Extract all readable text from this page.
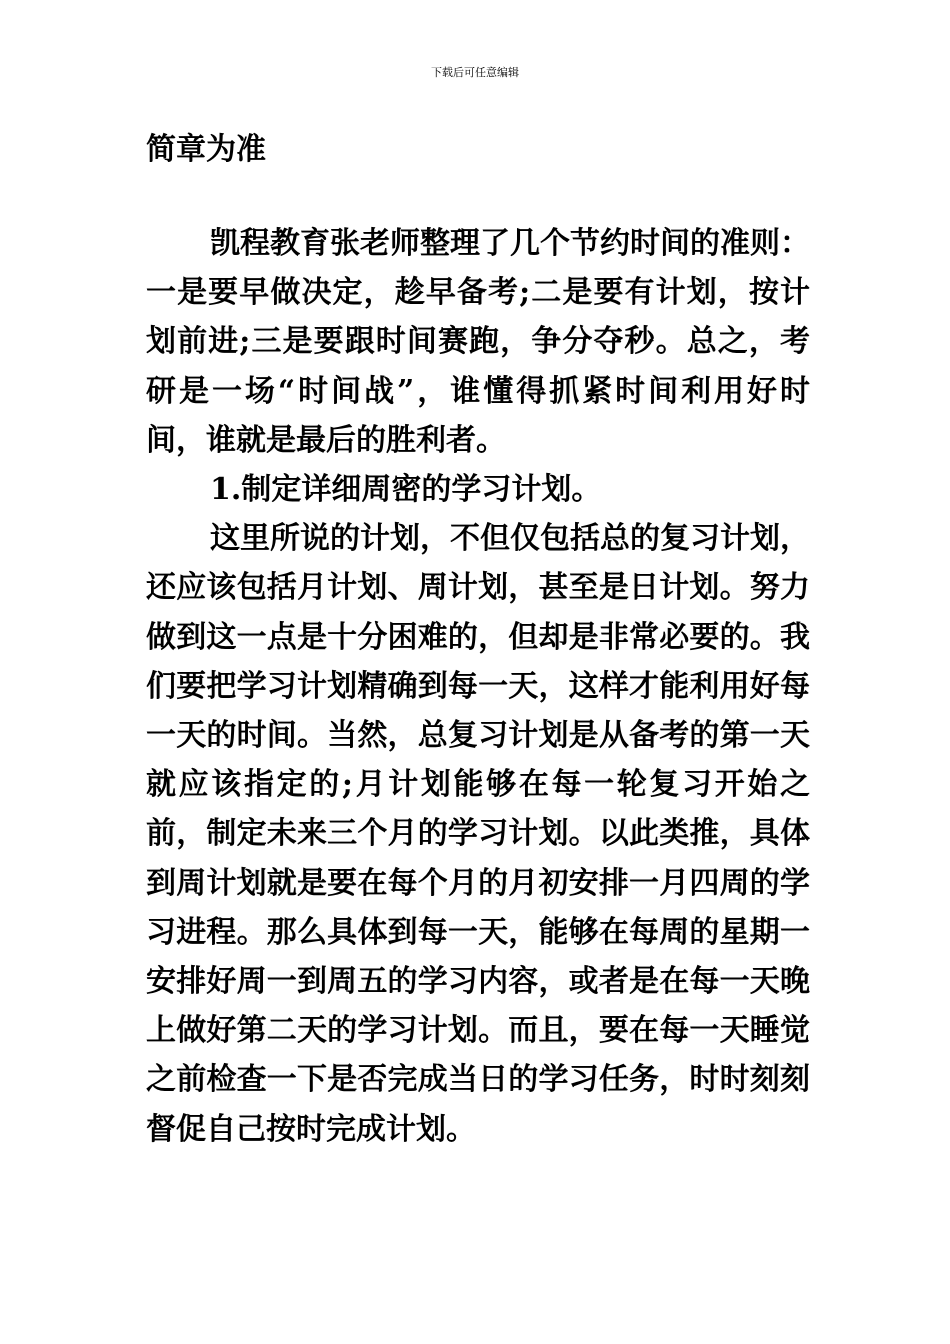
下载后可任意编辑
简章为准

凯程教育张老师整理了几个节约时间的准则：一是要早做决定，趁早备考;二是要有计划，按计划前进;三是要跟时间赛跑，争分夺秒。总之，考研是一场“时间战”，谁懂得抓紧时间利用好时间，谁就是最后的胜利者。

1.制定详细周密的学习计划。

这里所说的计划，不但仅包括总的复习计划，还应该包括月计划、周计划，甚至是日计划。努力做到这一点是十分困难的，但却是非常必要的。我们要把学习计划精确到每一天，这样才能利用好每一天的时间。当然，总复习计划是从备考的第一天就应该指定的;月计划能够在每一轮复习开始之前，制定未来三个月的学习计划。以此类推，具体到周计划就是要在每个月的月初安排一月四周的学习进程。那么具体到每一天，能够在每周的星期一安排好周一到周五的学习内容，或者是在每一天晚上做好第二天的学习计划。而且，要在每一天睡觉之前检查一下是否完成当日的学习任务，时时刻刻督促自己按时完成计划。
